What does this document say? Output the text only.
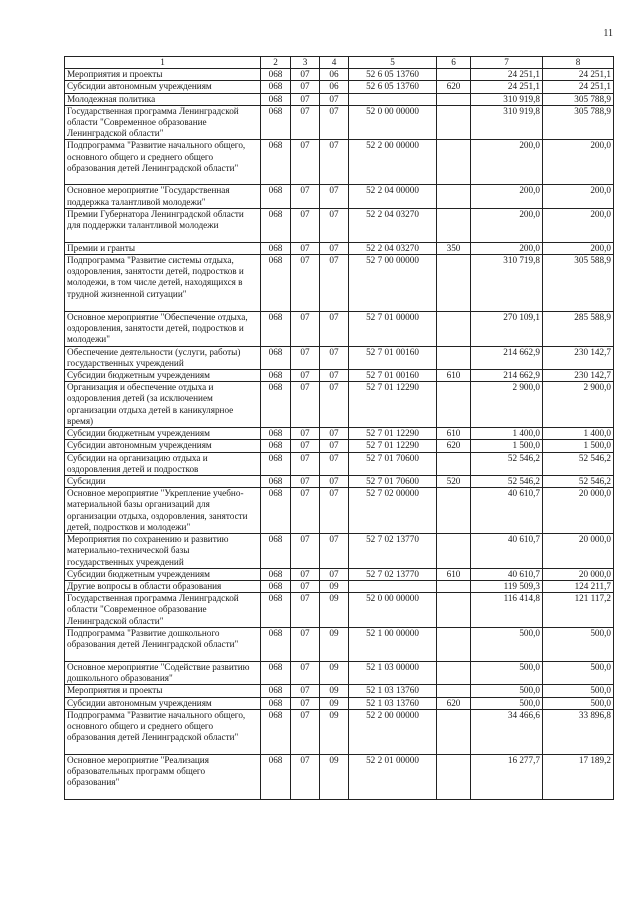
11
1	2	3	4	5	6	7	8
Мероприятия и проекты	068	07	06	52 6 05 13760		24 251,1	24 251,1
Субсидии автономным учреждениям	068	07	06	52 6 05 13760	620	24 251,1	24 251,1
Молодежная политика	068	07	07			310 919,8	305 788,9
Государственная программа Ленинградской области "Современное образование Ленинградской области"	068	07	07	52 0 00 00000		310 919,8	305 788,9
Подпрограмма "Развитие начального общего, основного общего и среднего общего образования детей Ленинградской области"	068	07	07	52 2 00 00000		200,0	200,0
Основное мероприятие "Государственная поддержка талантливой молодежи"	068	07	07	52 2 04 00000		200,0	200,0
Премии Губернатора Ленинградской области для поддержки талантливой молодежи	068	07	07	52 2 04 03270		200,0	200,0
Премии и гранты	068	07	07	52 2 04 03270	350	200,0	200,0
Подпрограмма "Развитие системы отдыха, оздоровления, занятости детей, подростков и молодежи, в том числе детей, находящихся в трудной жизненной ситуации"	068	07	07	52 7 00 00000		310 719,8	305 588,9
Основное мероприятие "Обеспечение отдыха, оздоровления, занятости детей, подростков и молодежи"	068	07	07	52 7 01 00000		270 109,1	285 588,9
Обеспечение деятельности (услуги, работы) государственных учреждений	068	07	07	52 7 01 00160		214 662,9	230 142,7
Субсидии бюджетным учреждениям	068	07	07	52 7 01 00160	610	214 662,9	230 142,7
Организация и обеспечение отдыха и оздоровления детей (за исключением организации отдыха детей в каникулярное время)	068	07	07	52 7 01 12290		2 900,0	2 900,0
Субсидии бюджетным учреждениям	068	07	07	52 7 01 12290	610	1 400,0	1 400,0
Субсидии автономным учреждениям	068	07	07	52 7 01 12290	620	1 500,0	1 500,0
Субсидии на организацию отдыха и оздоровления детей и подростков	068	07	07	52 7 01 70600		52 546,2	52 546,2
Субсидии	068	07	07	52 7 01 70600	520	52 546,2	52 546,2
Основное мероприятие "Укрепление учебно-материальной базы организаций для организации отдыха, оздоровления, занятости детей, подростков и молодежи"	068	07	07	52 7 02 00000		40 610,7	20 000,0
Мероприятия по сохранению и развитию материально-технической базы государственных учреждений	068	07	07	52 7 02 13770		40 610,7	20 000,0
Субсидии бюджетным учреждениям	068	07	07	52 7 02 13770	610	40 610,7	20 000,0
Другие вопросы в области образования	068	07	09			119 509,3	124 211,7
Государственная программа Ленинградской области "Современное образование Ленинградской области"	068	07	09	52 0 00 00000		116 414,8	121 117,2
Подпрограмма "Развитие дошкольного образования детей Ленинградской области"	068	07	09	52 1 00 00000		500,0	500,0
Основное мероприятие "Содействие развитию дошкольного образования"	068	07	09	52 1 03 00000		500,0	500,0
Мероприятия и проекты	068	07	09	52 1 03 13760		500,0	500,0
Субсидии автономным учреждениям	068	07	09	52 1 03 13760	620	500,0	500,0
Подпрограмма "Развитие начального общего, основного общего и среднего общего образования детей Ленинградской области"	068	07	09	52 2 00 00000		34 466,6	33 896,8
Основное мероприятие "Реализация образовательных программ общего образования"	068	07	09	52 2 01 00000		16 277,7	17 189,2
